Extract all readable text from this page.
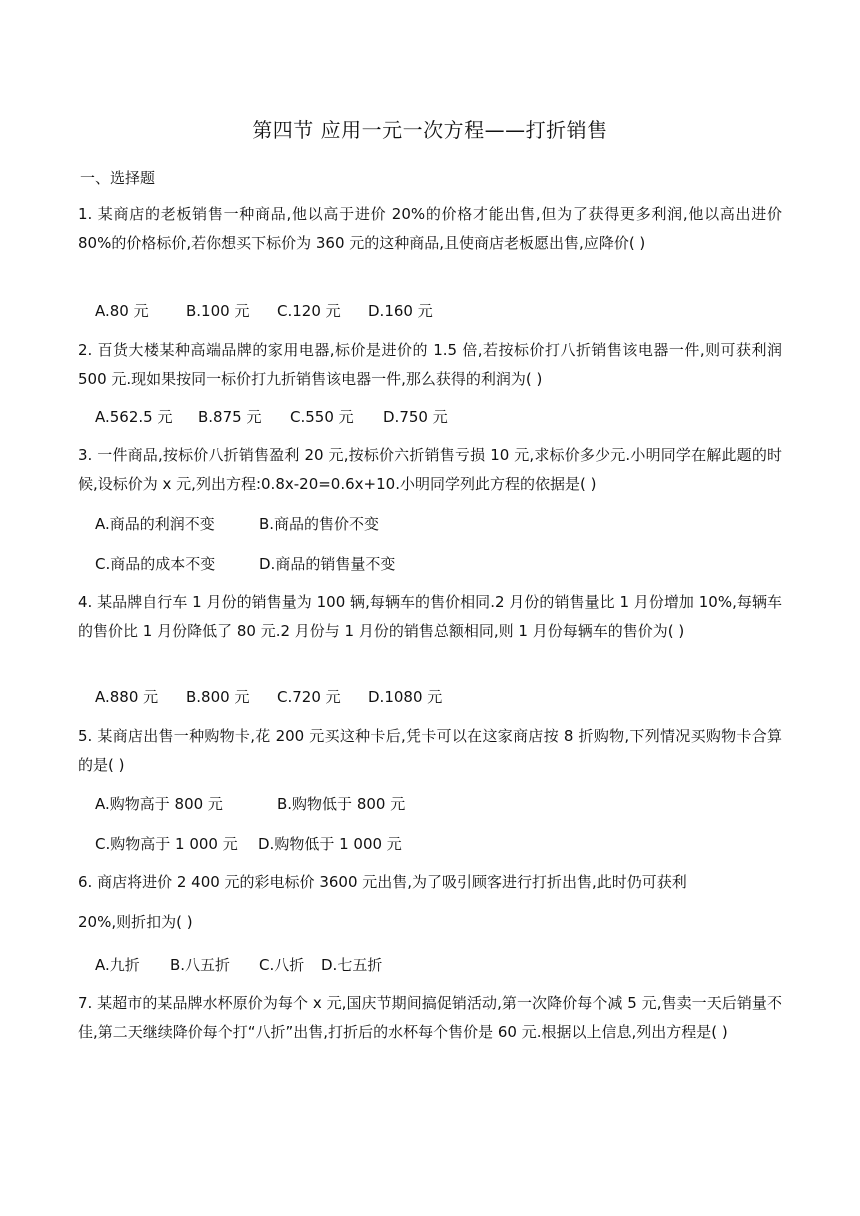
第四节 应用一元一次方程——打折销售
一、选择题
1. 某商店的老板销售一种商品,他以高于进价 20%的价格才能出售,但为了获得更多利润,他以高出进价 80%的价格标价,若你想买下标价为 360 元的这种商品,且使商店老板愿出售,应降价( )
A.80 元 B.100 元 C.120 元 D.160 元
2. 百货大楼某种高端品牌的家用电器,标价是进价的 1.5 倍,若按标价打八折销售该电器一件,则可获利润 500 元.现如果按同一标价打九折销售该电器一件,那么获得的利润为( )
A.562.5 元 B.875 元 C.550 元 D.750 元
3. 一件商品,按标价八折销售盈利 20 元,按标价六折销售亏损 10 元,求标价多少元.小明同学在解此题的时候,设标价为 x 元,列出方程:0.8x-20=0.6x+10.小明同学列此方程的依据是( )
A.商品的利润不变	B.商品的售价不变
C.商品的成本不变	D.商品的销售量不变
4. 某品牌自行车 1 月份的销售量为 100 辆,每辆车的售价相同.2 月份的销售量比 1 月份增加 10%,每辆车的售价比 1 月份降低了 80 元.2 月份与 1 月份的销售总额相同,则 1 月份每辆车的售价为( )
A.880 元 B.800 元 C.720 元 D.1080 元
5. 某商店出售一种购物卡,花 200 元买这种卡后,凭卡可以在这家商店按 8 折购物,下列情况买购物卡合算的是( )
A.购物高于 800 元	B.购物低于 800 元
C.购物高于 1 000 元 D.购物低于 1 000 元
6. 商店将进价 2 400 元的彩电标价 3600 元出售,为了吸引顾客进行打折出售,此时仍可获利
20%,则折扣为( )
A.九折 B.八五折 C.八折 D.七五折
7. 某超市的某品牌水杯原价为每个 x 元,国庆节期间搞促销活动,第一次降价每个减 5 元,售卖一天后销量不佳,第二天继续降价每个打“八折”出售,打折后的水杯每个售价是 60 元.根据以上信息,列出方程是( )
